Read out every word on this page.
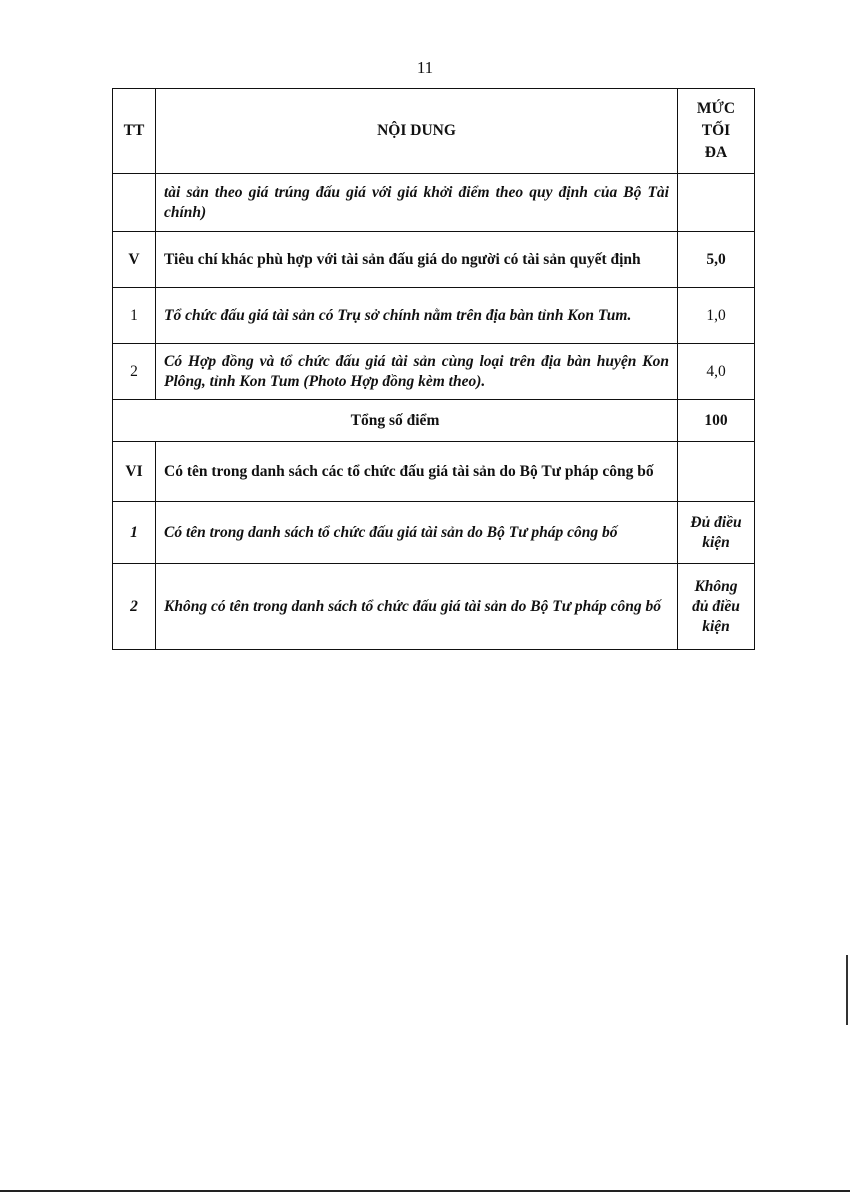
11
TT	NỘI DUNG	MỨC
TỐI
ĐA
	tài sản theo giá trúng đấu giá với giá khởi điểm theo quy định của Bộ Tài chính)	
V	Tiêu chí khác phù hợp với tài sản đấu giá do người có tài sản quyết định	5,0
1	Tổ chức đấu giá tài sản có Trụ sở chính nằm trên địa bàn tỉnh Kon Tum.	1,0
2	Có Hợp đồng và tổ chức đấu giá tài sản cùng loại trên địa bàn huyện Kon Plông, tỉnh Kon Tum (Photo Hợp đồng kèm theo).	4,0
Tổng số điểm		100
VI	Có tên trong danh sách các tổ chức đấu giá tài sản do Bộ Tư pháp công bố	
1	Có tên trong danh sách tổ chức đấu giá tài sản do Bộ Tư pháp công bố	Đủ điều
kiện
2	Không có tên trong danh sách tổ chức đấu giá tài sản do Bộ Tư pháp công bố	Không
đủ điều
kiện
